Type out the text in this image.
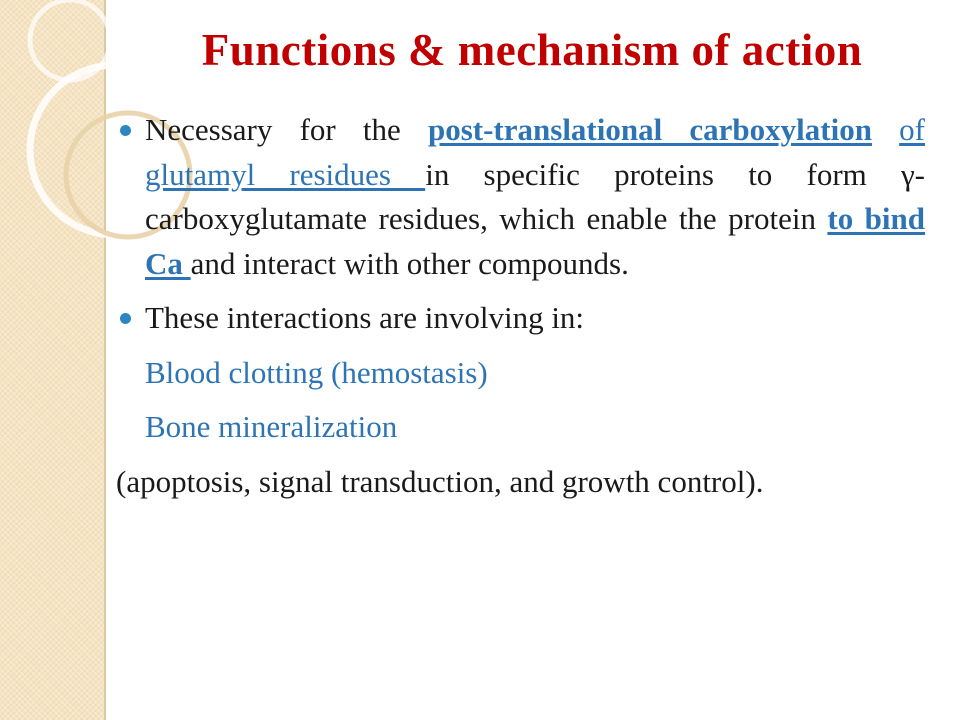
Functions & mechanism of action
Necessary for the post-translational carboxylation of glutamyl residues in specific proteins to form γ-carboxyglutamate residues, which enable the protein to bind Ca and interact with other compounds.
These interactions are involving in:
Blood clotting (hemostasis)
Bone mineralization
(apoptosis, signal transduction, and growth control).
